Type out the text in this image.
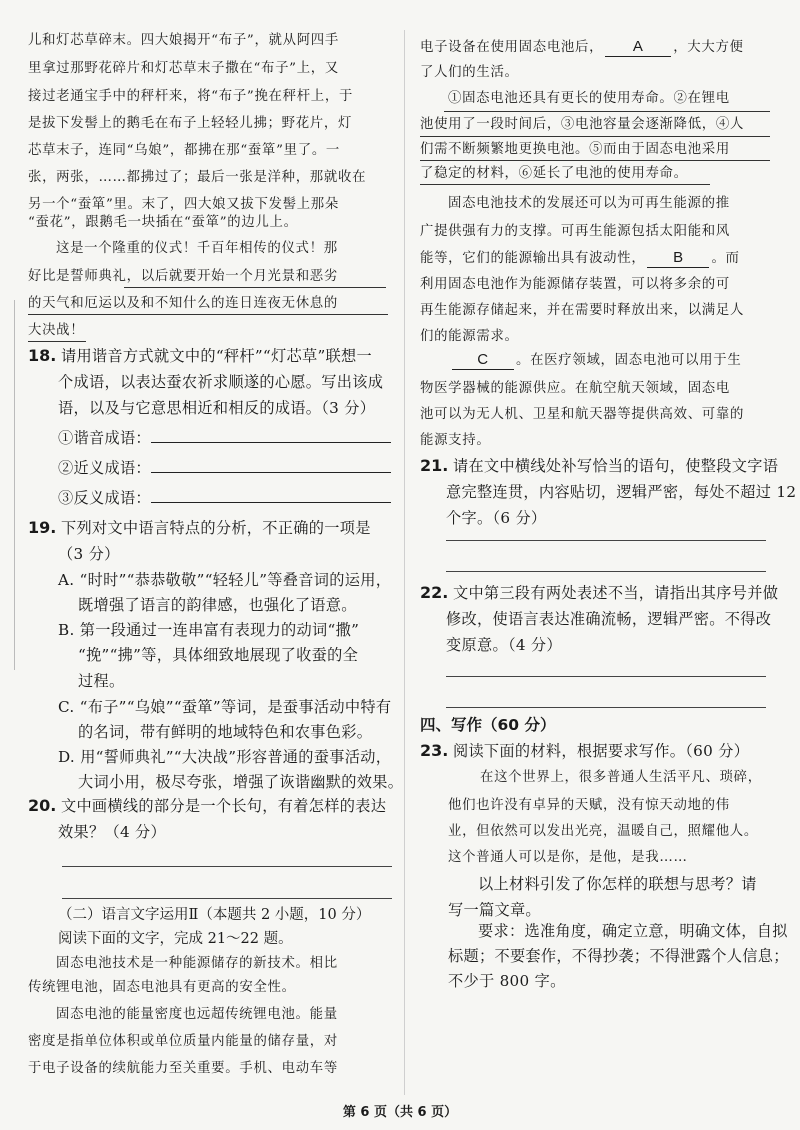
儿和灯芯草碎末。四大娘揭开“布子”，就从阿四手
里拿过那野花碎片和灯芯草末子撒在“布子”上，又
接过老通宝手中的秤杆来，将“布子”挽在秤杆上，于
是拔下发髻上的鹅毛在布子上轻轻儿拂；野花片，灯
芯草末子，连同“乌娘”，都拂在那“蚕箪”里了。一
张，两张，……都拂过了；最后一张是洋种，那就收在
另一个“蚕箪”里。末了，四大娘又拔下发髻上那朵
“蚕花”，跟鹅毛一块插在“蚕箪”的边儿上。
这是一个隆重的仪式！千百年相传的仪式！那
好比是誓师典礼，以后就要开始一个月光景和恶劣
的天气和厄运以及和不知什么的连日连夜无休息的
大决战！
18. 请用谐音方式就文中的“秤杆”“灯芯草”联想一
个成语，以表达蚕农祈求顺遂的心愿。写出该成
语，以及与它意思相近和相反的成语。（3 分）
①谐音成语：
②近义成语：
③反义成语：
19. 下列对文中语言特点的分析，不正确的一项是
（3 分）
A. “时时”“恭恭敬敬”“轻轻儿”等叠音词的运用，
既增强了语言的韵律感，也强化了语意。
B. 第一段通过一连串富有表现力的动词“撒”
“挽”“拂”等，具体细致地展现了收蚕的全
过程。
C. “布子”“乌娘”“蚕箪”等词，是蚕事活动中特有
的名词，带有鲜明的地域特色和农事色彩。
D. 用“誓师典礼”“大决战”形容普通的蚕事活动，
大词小用，极尽夸张，增强了诙谐幽默的效果。
20. 文中画横线的部分是一个长句，有着怎样的表达
效果？（4 分）
（二）语言文字运用Ⅱ（本题共 2 小题，10 分）
阅读下面的文字，完成 21～22 题。
固态电池技术是一种能源储存的新技术。相比
传统锂电池，固态电池具有更高的安全性。
固态电池的能量密度也远超传统锂电池。能量
密度是指单位体积或单位质量内能量的储存量，对
于电子设备的续航能力至关重要。手机、电动车等
电子设备在使用固态电池后， A ，大大方便
了人们的生活。
①固态电池还具有更长的使用寿命。②在锂电
池使用了一段时间后，③电池容量会逐渐降低，④人
们需不断频繁地更换电池。⑤而由于固态电池采用
了稳定的材料，⑥延长了电池的使用寿命。
固态电池技术的发展还可以为可再生能源的推
广提供强有力的支撑。可再生能源包括太阳能和风
能等，它们的能源输出具有波动性， B 。而
利用固态电池作为能源储存装置，可以将多余的可
再生能源存储起来，并在需要时释放出来，以满足人
们的能源需求。
C 。在医疗领域，固态电池可以用于生
物医学器械的能源供应。在航空航天领域，固态电
池可以为无人机、卫星和航天器等提供高效、可靠的
能源支持。
21. 请在文中横线处补写恰当的语句，使整段文字语
意完整连贯，内容贴切，逻辑严密，每处不超过 12
个字。（6 分）
22. 文中第三段有两处表述不当，请指出其序号并做
修改，使语言表达准确流畅，逻辑严密。不得改
变原意。（4 分）
四、写作（60 分）
23. 阅读下面的材料，根据要求写作。（60 分）
在这个世界上，很多普通人生活平凡、琐碎，
他们也许没有卓异的天赋，没有惊天动地的伟
业，但依然可以发出光亮，温暖自己，照耀他人。
这个普通人可以是你，是他，是我……
以上材料引发了你怎样的联想与思考？请
写一篇文章。
要求：选准角度，确定立意，明确文体，自拟
标题；不要套作，不得抄袭；不得泄露个人信息；
不少于 800 字。
第 6 页（共 6 页）
